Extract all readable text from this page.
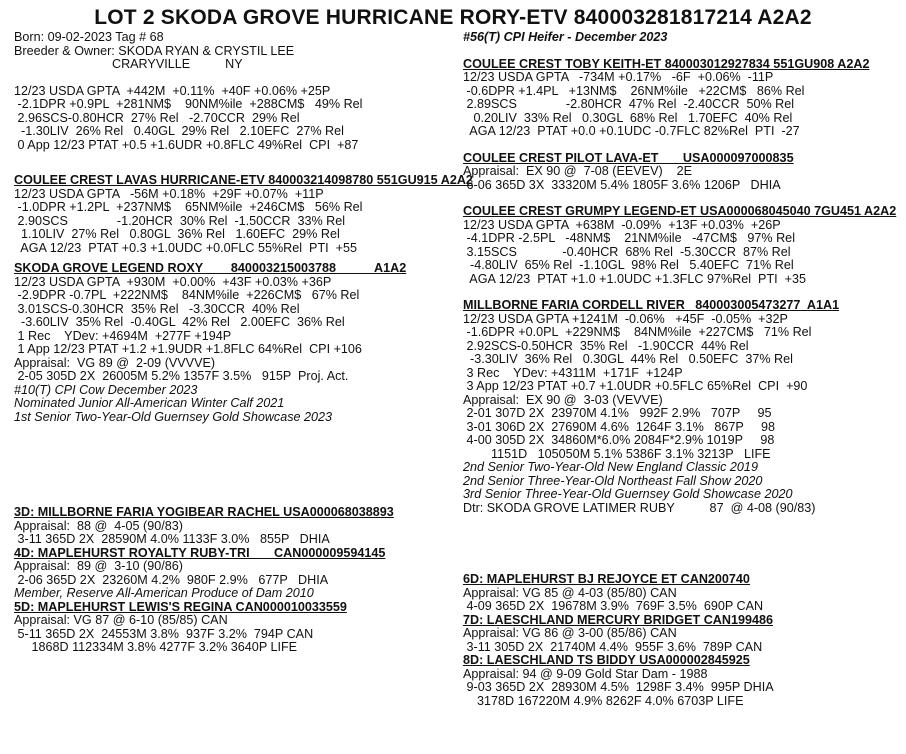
LOT 2 SKODA GROVE HURRICANE RORY-ETV 840003281817214 A2A2
Born: 09-02-2023 Tag # 68
Breeder & Owner: SKODA RYAN & CRYSTIL LEE
CRARYVILLE          NY
12/23 USDA GPTA  +442M  +0.11%  +40F +0.06% +25P
-2.1DPR +0.9PL  +281NM$    90NM%ile  +288CM$   49% Rel
2.96SCS-0.80HCR  27% Rel   -2.70CCR  29% Rel
-1.30LIV  26% Rel   0.40GL  29% Rel   2.10EFC  27% Rel
0 App 12/23 PTAT +0.5 +1.6UDR +0.8FLC 49%Rel  CPI  +87
COULEE CREST LAVAS HURRICANE-ETV 840003214098780 551GU915 A2A2
12/23 USDA GPTA   -56M +0.18%  +29F +0.07%  +11P
-1.0DPR +1.2PL  +237NM$    65NM%ile  +246CM$   56% Rel
2.90SCS              -1.20HCR  30% Rel  -1.50CCR  33% Rel
1.10LIV  27% Rel   0.80GL  36% Rel   1.60EFC  29% Rel
AGA 12/23  PTAT +0.3 +1.0UDC +0.0FLC 55%Rel  PTI  +55
SKODA GROVE LEGEND ROXY        840003215003788           A1A2
12/23 USDA GPTA  +930M  +0.00%  +43F +0.03% +36P
-2.9DPR -0.7PL  +222NM$    84NM%ile  +226CM$   67% Rel
3.01SCS-0.30HCR  35% Rel   -3.30CCR  40% Rel
-3.60LIV  35% Rel  -0.40GL  42% Rel   2.00EFC  36% Rel
1 Rec    YDev: +4694M  +277F +194P
1 App 12/23 PTAT +1.2 +1.9UDR +1.8FLC 64%Rel  CPI +106
Appraisal:  VG 89 @  2-09 (VVVVE)
2-05 305D 2X  26005M 5.2% 1357F 3.5%   915P  Proj. Act.
#10(T) CPI Cow December 2023
Nominated Junior All-American Winter Calf 2021
1st Senior Two-Year-Old Guernsey Gold Showcase 2023
3D: MILLBORNE FARIA YOGIBEAR RACHEL USA000068038893
Appraisal:  88 @  4-05 (90/83)
3-11 365D 2X  28590M 4.0% 1133F 3.0%   855P   DHIA
4D: MAPLEHURST ROYALTY RUBY-TRI       CAN000009594145
Appraisal:  89 @  3-10 (90/86)
2-06 365D 2X  23260M 4.2%  980F 2.9%   677P   DHIA
Member, Reserve All-American Produce of Dam 2010
5D: MAPLEHURST LEWIS'S REGINA CAN000010033559
Appraisal: VG 87 @ 6-10 (85/85) CAN
5-11 365D 2X  24553M 3.8%  937F 3.2%  794P CAN
1868D 112334M 3.8% 4277F 3.2% 3640P LIFE
#56(T) CPI Heifer - December 2023
COULEE CREST TOBY KEITH-ET 840003012927834 551GU908 A2A2
12/23 USDA GPTA   -734M +0.17%   -6F  +0.06%  -11P
-0.6DPR +1.4PL   +13NM$    26NM%ile   +22CM$   86% Rel
2.89SCS              -2.80HCR  47% Rel  -2.40CCR  50% Rel
0.20LIV  33% Rel   0.30GL  68% Rel   1.70EFC  40% Rel
AGA 12/23  PTAT +0.0 +0.1UDC -0.7FLC 82%Rel  PTI  -27
COULEE CREST PILOT LAVA-ET       USA000097000835
Appraisal:  EX 90 @  7-08 (EEVEV)    2E
6-06 365D 3X  33320M 5.4% 1805F 3.6% 1206P   DHIA
COULEE CREST GRUMPY LEGEND-ET USA000068045040 7GU451 A2A2
12/23 USDA GPTA  +638M  -0.09%  +13F +0.03%  +26P
-4.1DPR -2.5PL   -48NM$    21NM%ile   -47CM$   97% Rel
3.15SCS             -0.40HCR  68% Rel  -5.30CCR  87% Rel
-4.80LIV  65% Rel  -1.10GL  98% Rel   5.40EFC  71% Rel
AGA 12/23  PTAT +1.0 +1.0UDC +1.3FLC 97%Rel  PTI  +35
MILLBORNE FARIA CORDELL RIVER   840003005473277  A1A1
12/23 USDA GPTA +1241M  -0.06%   +45F  -0.05%  +32P
-1.6DPR +0.0PL  +229NM$    84NM%ile  +227CM$   71% Rel
2.92SCS-0.50HCR  35% Rel   -1.90CCR  44% Rel
-3.30LIV  36% Rel   0.30GL  44% Rel   0.50EFC  37% Rel
3 Rec    YDev: +4311M  +171F  +124P
3 App 12/23 PTAT +0.7 +1.0UDR +0.5FLC 65%Rel  CPI  +90
Appraisal:  EX 90 @  3-03 (VEVVE)
2-01 307D 2X  23970M 4.1%   992F 2.9%   707P     95
3-01 306D 2X  27690M 4.6%  1264F 3.1%   867P     98
4-00 305D 2X  34860M*6.0% 2084F*2.9% 1019P     98
1151D   105050M 5.1% 5386F 3.1% 3213P   LIFE
2nd Senior Two-Year-Old New England Classic 2019
2nd Senior Three-Year-Old Northeast Fall Show 2020
3rd Senior Three-Year-Old Guernsey Gold Showcase 2020
Dtr: SKODA GROVE LATIMER RUBY          87  @ 4-08 (90/83)
6D: MAPLEHURST BJ REJOYCE ET CAN200740
Appraisal: VG 85 @ 4-03 (85/80) CAN
4-09 365D 2X  19678M 3.9%  769F 3.5%  690P CAN
7D: LAESCHLAND MERCURY BRIDGET CAN199486
Appraisal: VG 86 @ 3-00 (85/86) CAN
3-11 305D 2X  21740M 4.4%  955F 3.6%  789P CAN
8D: LAESCHLAND TS BIDDY USA000002845925
Appraisal: 94 @ 9-09 Gold Star Dam - 1988
9-03 365D 2X  28930M 4.5%  1298F 3.4%  995P DHIA
3178D 167220M 4.9% 8262F 4.0% 6703P LIFE
